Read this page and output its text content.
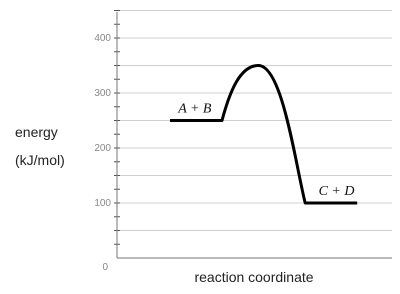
0
100
200
300
400
A + B
C + D
energy
(kJ/mol)
reaction coordinate
